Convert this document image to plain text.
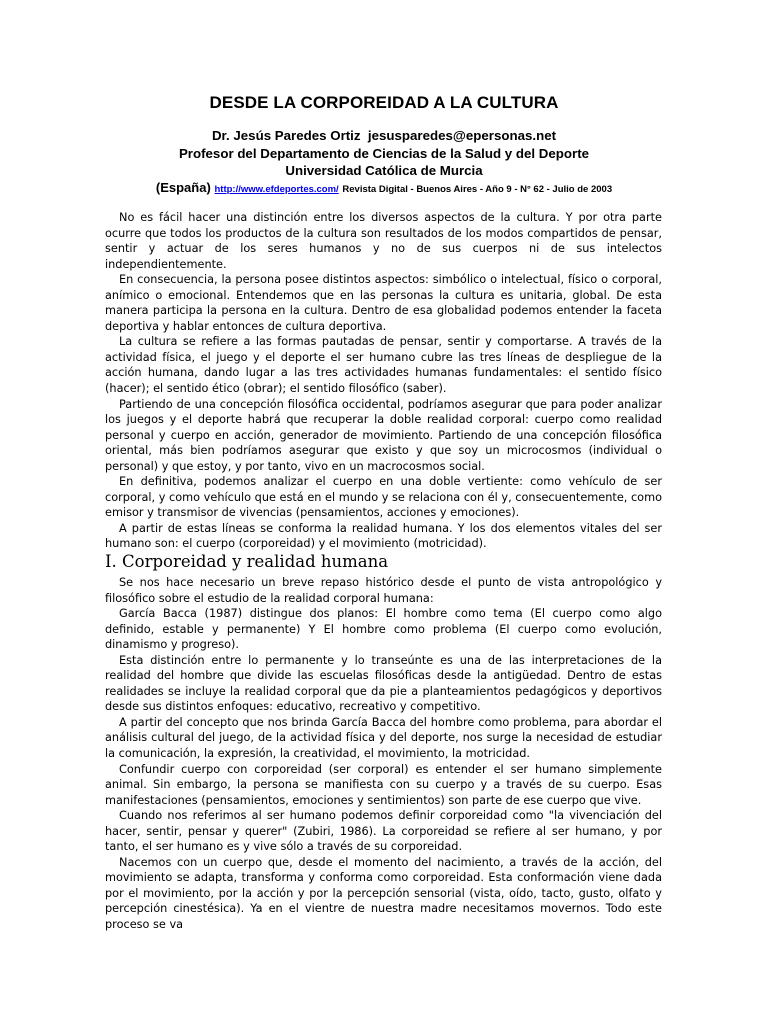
DESDE LA CORPOREIDAD A LA CULTURA
Dr. Jesús Paredes Ortiz jesusparedes@epersonas.net
Profesor del Departamento de Ciencias de la Salud y del Deporte
Universidad Católica de Murcia
(España) http://www.efdeportes.com/ Revista Digital - Buenos Aires - Año 9 - N° 62 - Julio de 2003

No es fácil hacer una distinción entre los diversos aspectos de la cultura. Y por otra parte ocurre que todos los productos de la cultura son resultados de los modos compartidos de pensar, sentir y actuar de los seres humanos y no de sus cuerpos ni de sus intelectos independientemente.

En consecuencia, la persona posee distintos aspectos: simbólico o intelectual, físico o corporal, anímico o emocional. Entendemos que en las personas la cultura es unitaria, global. De esta manera participa la persona en la cultura. Dentro de esa globalidad podemos entender la faceta deportiva y hablar entonces de cultura deportiva.

La cultura se refiere a las formas pautadas de pensar, sentir y comportarse. A través de la actividad física, el juego y el deporte el ser humano cubre las tres líneas de despliegue de la acción humana, dando lugar a las tres actividades humanas fundamentales: el sentido físico (hacer); el sentido ético (obrar); el sentido filosófico (saber).

Partiendo de una concepción filosófica occidental, podríamos asegurar que para poder analizar los juegos y el deporte habrá que recuperar la doble realidad corporal: cuerpo como realidad personal y cuerpo en acción, generador de movimiento. Partiendo de una concepción filosófica oriental, más bien podríamos asegurar que existo y que soy un microcosmos (individual o personal) y que estoy, y por tanto, vivo en un macrocosmos social.

En definitiva, podemos analizar el cuerpo en una doble vertiente: como vehículo de ser corporal, y como vehículo que está en el mundo y se relaciona con él y, consecuentemente, como emisor y transmisor de vivencias (pensamientos, acciones y emociones).

A partir de estas líneas se conforma la realidad humana. Y los dos elementos vitales del ser humano son: el cuerpo (corporeidad) y el movimiento (motricidad).

I. Corporeidad y realidad humana

Se nos hace necesario un breve repaso histórico desde el punto de vista antropológico y filosófico sobre el estudio de la realidad corporal humana:

García Bacca (1987) distingue dos planos: El hombre como tema (El cuerpo como algo definido, estable y permanente) Y El hombre como problema (El cuerpo como evolución, dinamismo y progreso).

Esta distinción entre lo permanente y lo transeúnte es una de las interpretaciones de la realidad del hombre que divide las escuelas filosóficas desde la antigüedad. Dentro de estas realidades se incluye la realidad corporal que da pie a planteamientos pedagógicos y deportivos desde sus distintos enfoques: educativo, recreativo y competitivo.

A partir del concepto que nos brinda García Bacca del hombre como problema, para abordar el análisis cultural del juego, de la actividad física y del deporte, nos surge la necesidad de estudiar la comunicación, la expresión, la creatividad, el movimiento, la motricidad.

Confundir cuerpo con corporeidad (ser corporal) es entender el ser humano simplemente animal. Sin embargo, la persona se manifiesta con su cuerpo y a través de su cuerpo. Esas manifestaciones (pensamientos, emociones y sentimientos) son parte de ese cuerpo que vive.

Cuando nos referimos al ser humano podemos definir corporeidad como "la vivenciación del hacer, sentir, pensar y querer" (Zubiri, 1986). La corporeidad se refiere al ser humano, y por tanto, el ser humano es y vive sólo a través de su corporeidad.

Nacemos con un cuerpo que, desde el momento del nacimiento, a través de la acción, del movimiento se adapta, transforma y conforma como corporeidad. Esta conformación viene dada por el movimiento, por la acción y por la percepción sensorial (vista, oído, tacto, gusto, olfato y percepción cinestésica). Ya en el vientre de nuestra madre necesitamos movernos. Todo este proceso se va
